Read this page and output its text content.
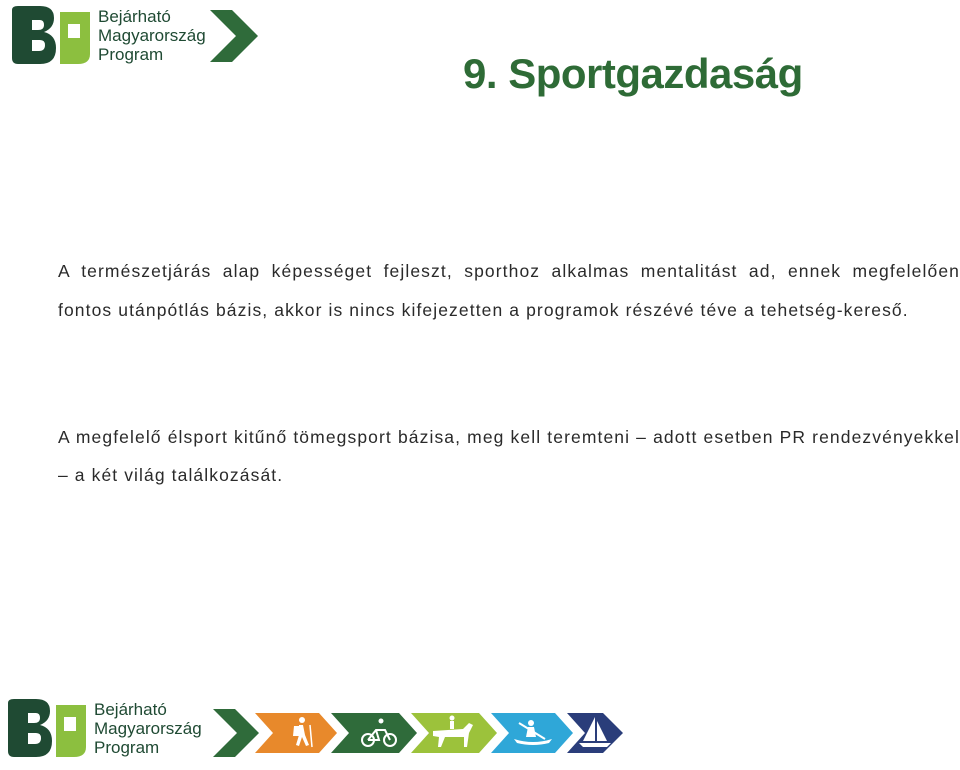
Bejárható
Magyarország
Program	9. Sportgazdaság

A természetjárás alap képességet fejleszt, sporthoz alkalmas mentalitást ad, ennek megfelelően fontos utánpótlás bázis, akkor is nincs kifejezetten a programok részévé téve a tehetség-kereső.

A megfelelő élsport kitűnő tömegsport bázisa, meg kell teremteni – adott esetben PR rendezvényekkel – a két világ találkozását.

Bejárható
Magyarország
Program
